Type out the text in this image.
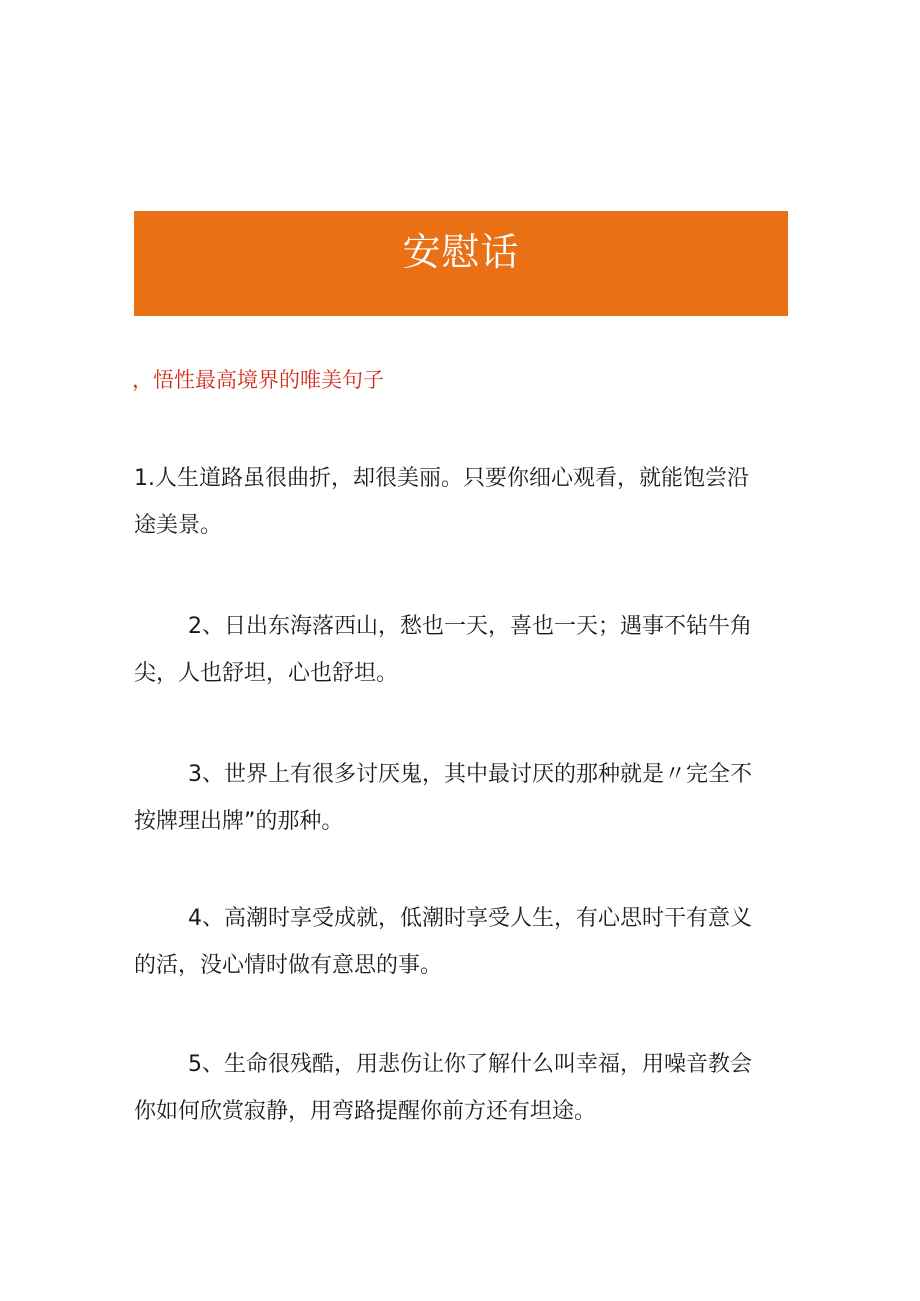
安慰话
，悟性最高境界的唯美句子
1.人生道路虽很曲折，却很美丽。只要你细心观看，就能饱尝沿
途美景。
2、日出东海落西山，愁也一天，喜也一天；遇事不钻牛角
尖，人也舒坦，心也舒坦。
3、世界上有很多讨厌鬼，其中最讨厌的那种就是〃完全不
按牌理出牌”的那种。
4、高潮时享受成就，低潮时享受人生，有心思时干有意义
的活，没心情时做有意思的事。
5、生命很残酷，用悲伤让你了解什么叫幸福，用噪音教会
你如何欣赏寂静，用弯路提醒你前方还有坦途。
